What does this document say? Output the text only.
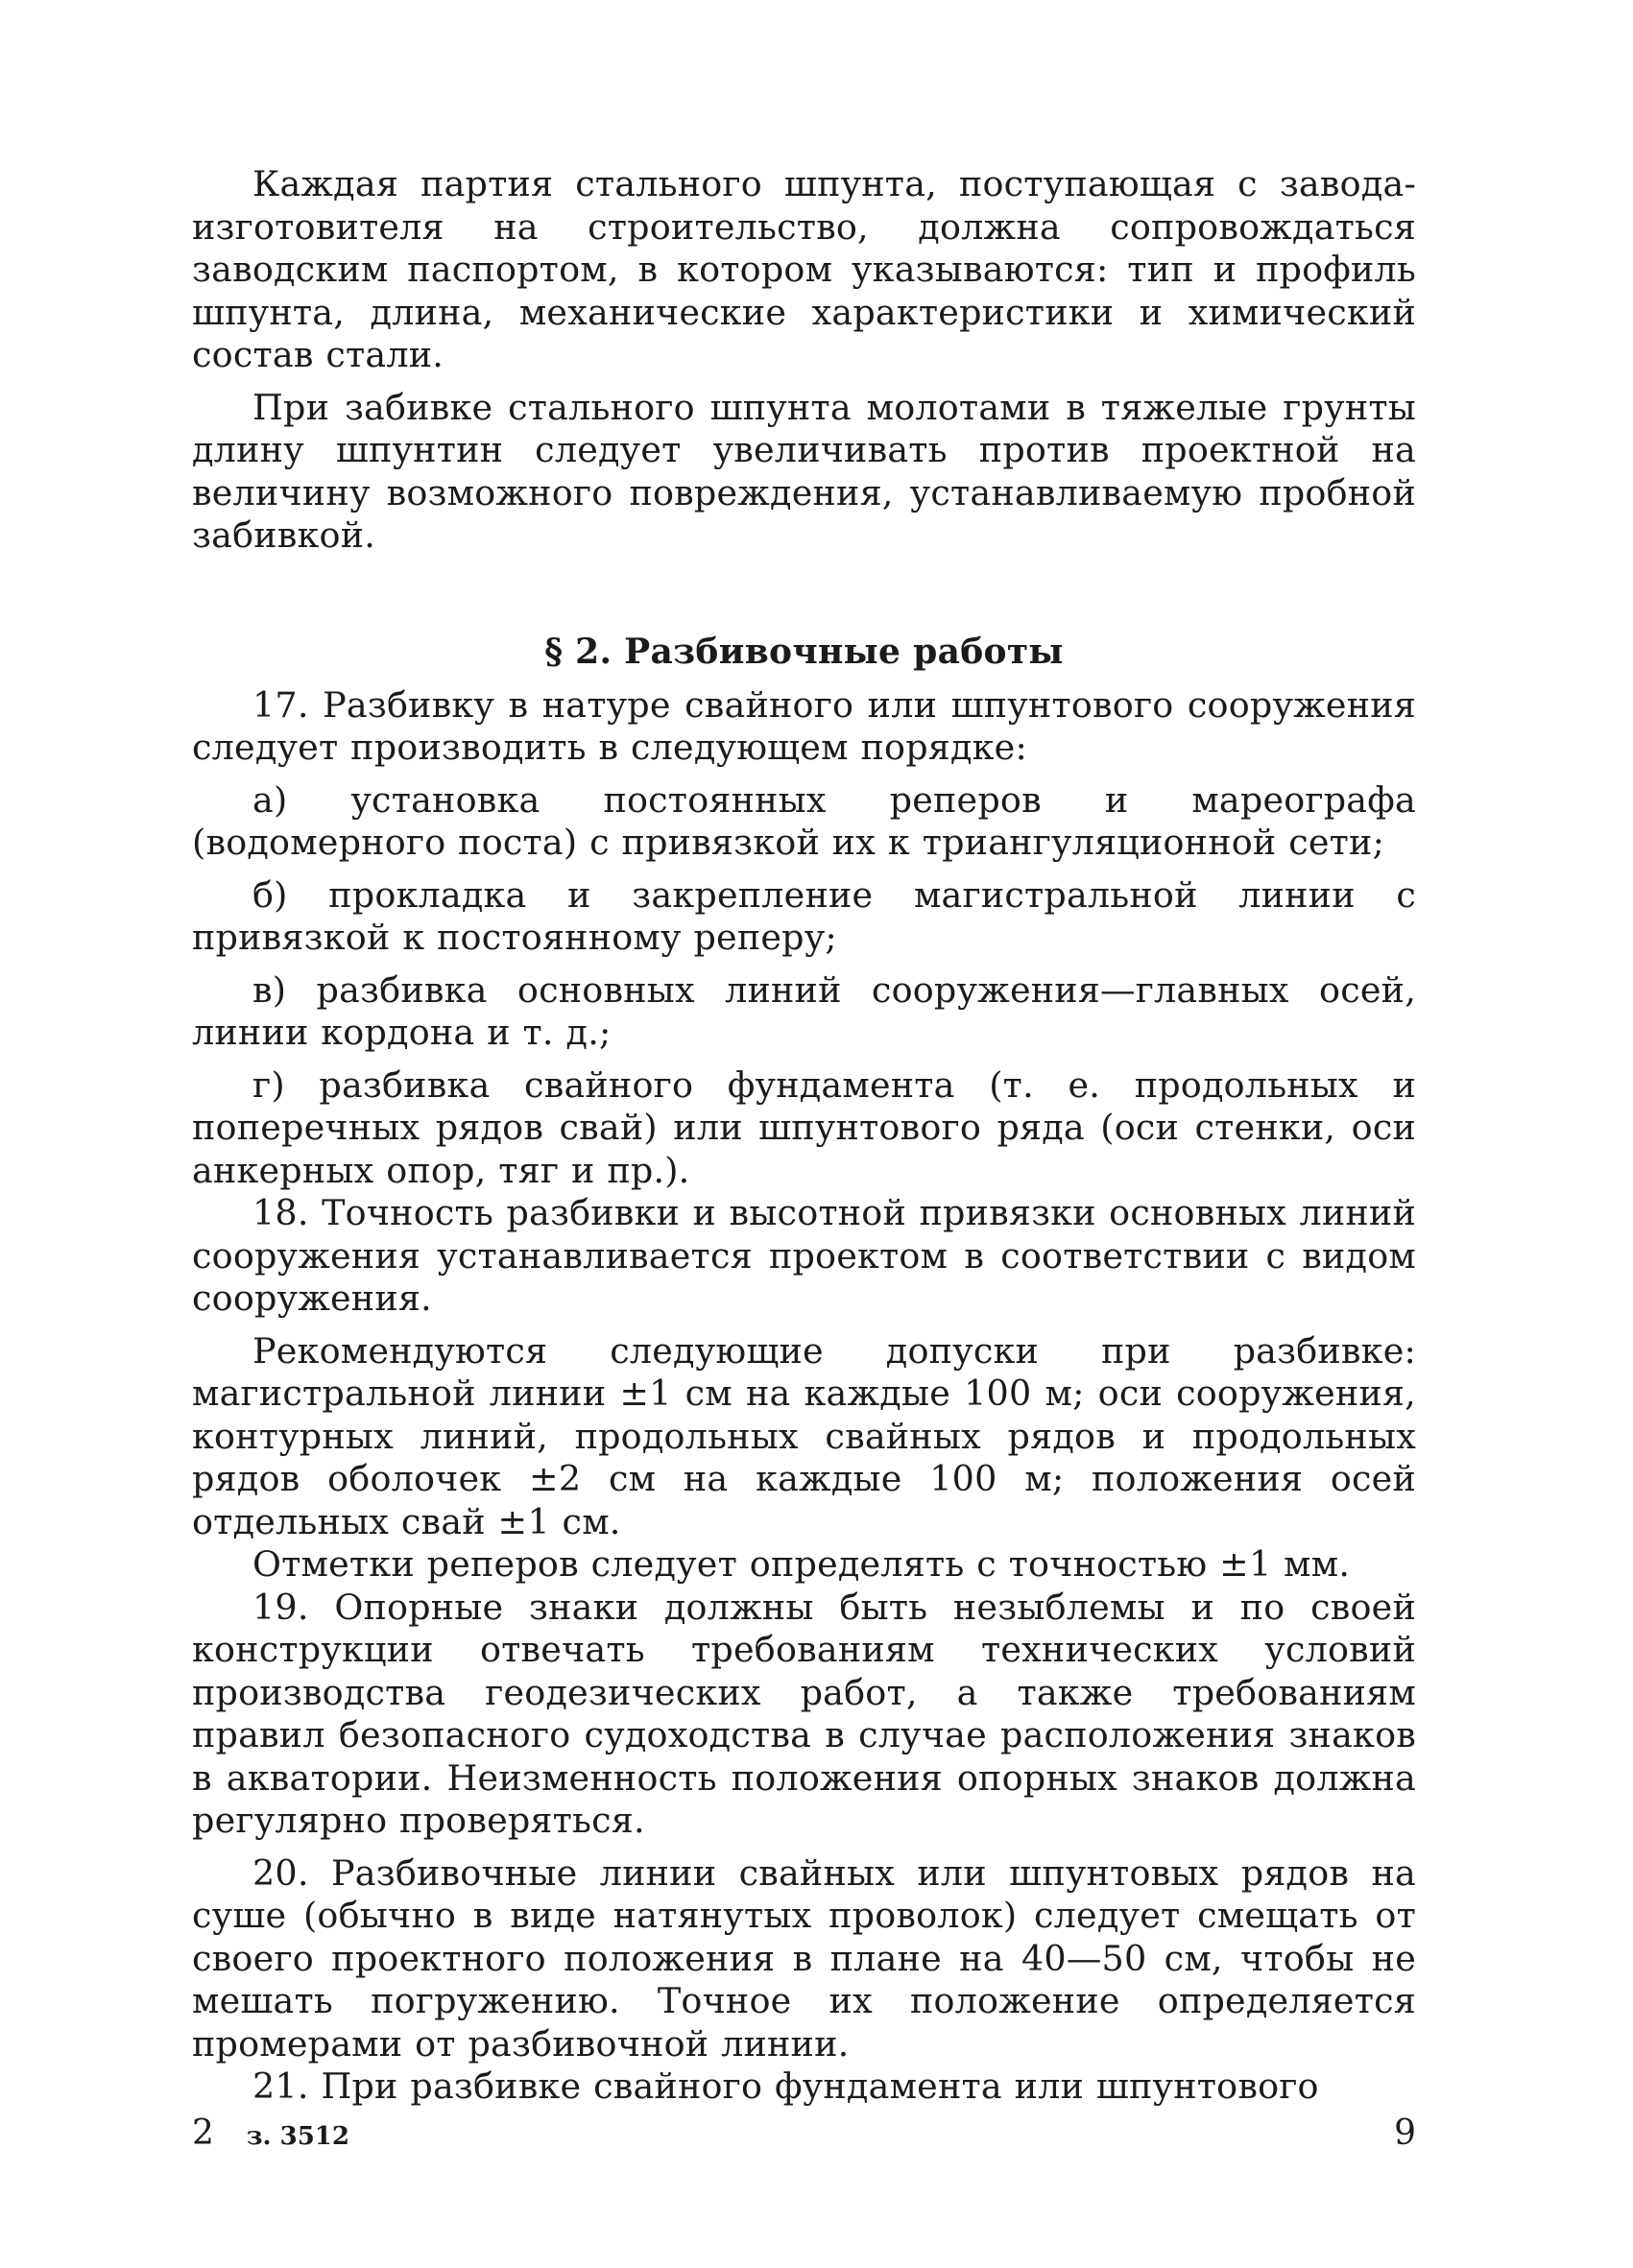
Каждая партия стального шпунта, поступающая с завода-изготовителя на строительство, должна сопровождаться заводским паспортом, в котором указываются: тип и профиль шпунта, длина, механические характеристики и химический состав стали.

При забивке стального шпунта молотами в тяжелые грунты длину шпунтин следует увеличивать против проектной на величину возможного повреждения, устанавливаемую пробной забивкой.

§ 2. Разбивочные работы

17. Разбивку в натуре свайного или шпунтового сооружения следует производить в следующем порядке:

а) установка постоянных реперов и мареографа (водомерного поста) с привязкой их к триангуляционной сети;

б) прокладка и закрепление магистральной линии с привязкой к постоянному реперу;

в) разбивка основных линий сооружения—главных осей, линии кордона и т. д.;

г) разбивка свайного фундамента (т. е. продольных и поперечных рядов свай) или шпунтового ряда (оси стенки, оси анкерных опор, тяг и пр.).

18. Точность разбивки и высотной привязки основных линий сооружения устанавливается проектом в соответствии с видом сооружения.

Рекомендуются следующие допуски при разбивке: магистральной линии ±1 см на каждые 100 м; оси сооружения, контурных линий, продольных свайных рядов и продольных рядов оболочек ±2 см на каждые 100 м; положения осей отдельных свай ±1 см.

Отметки реперов следует определять с точностью ±1 мм.

19. Опорные знаки должны быть незыблемы и по своей конструкции отвечать требованиям технических условий производства геодезических работ, а также требованиям правил безопасного судоходства в случае расположения знаков в акватории. Неизменность положения опорных знаков должна регулярно проверяться.

20. Разбивочные линии свайных или шпунтовых рядов на суше (обычно в виде натянутых проволок) следует смещать от своего проектного положения в плане на 40—50 см, чтобы не мешать погружению. Точное их положение определяется промерами от разбивочной линии.

21. При разбивке свайного фундамента или шпунтового

2 з. 3512	9
